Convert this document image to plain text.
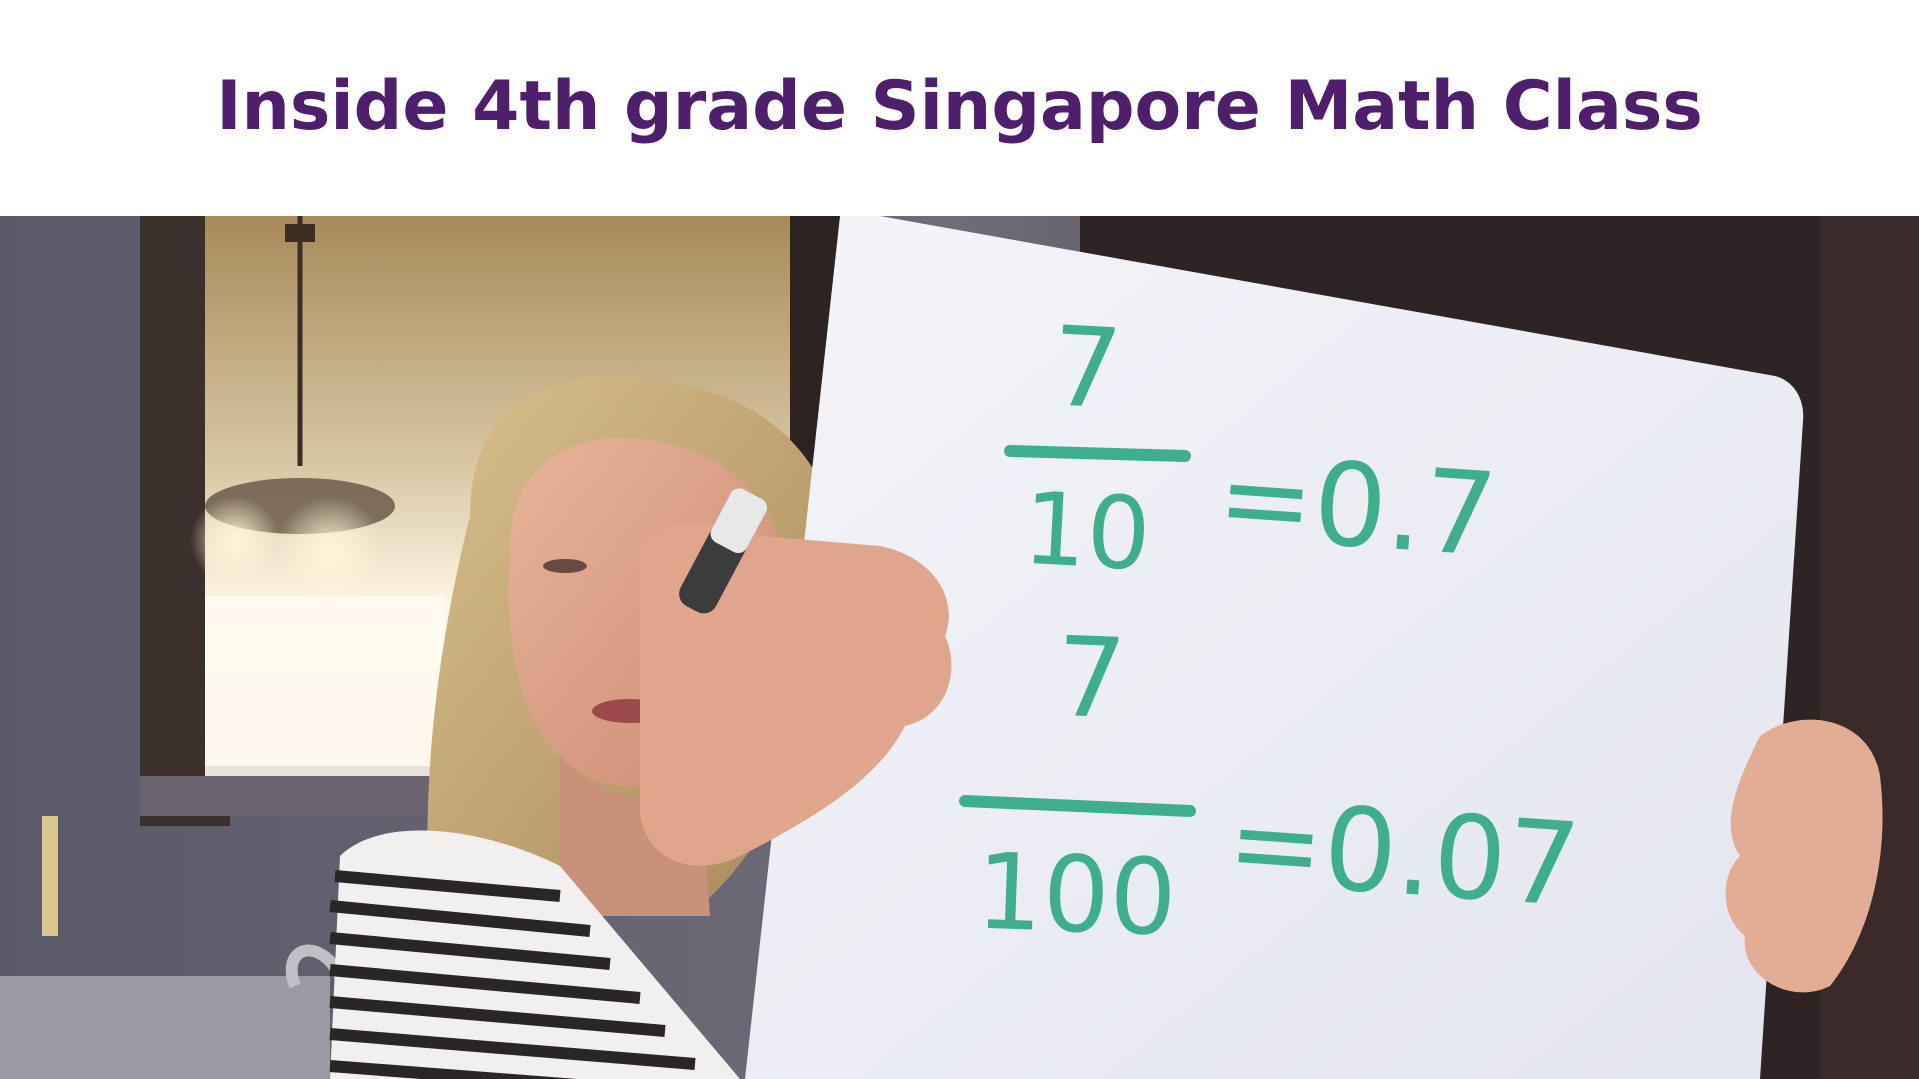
Inside 4th grade Singapore Math Class
7
10 =0.7
7
100 =0.07
